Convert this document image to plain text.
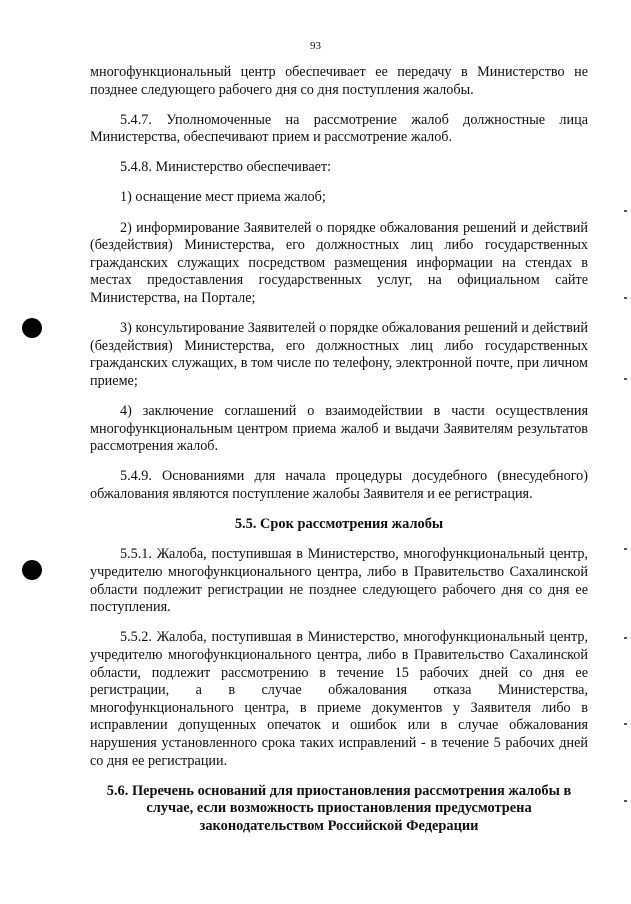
93

многофункциональный центр обеспечивает ее передачу в Министерство не позднее следующего рабочего дня со дня поступления жалобы.

5.4.7. Уполномоченные на рассмотрение жалоб должностные лица Министерства, обеспечивают прием и рассмотрение жалоб.

5.4.8. Министерство обеспечивает:

1) оснащение мест приема жалоб;

2) информирование Заявителей о порядке обжалования решений и действий (бездействия) Министерства, его должностных лиц либо государственных гражданских служащих посредством размещения информации на стендах в местах предоставления государственных услуг, на официальном сайте Министерства, на Портале;

3) консультирование Заявителей о порядке обжалования решений и действий (бездействия) Министерства, его должностных лиц либо государственных гражданских служащих, в том числе по телефону, электронной почте, при личном приеме;

4) заключение соглашений о взаимодействии в части осуществления многофункциональным центром приема жалоб и выдачи Заявителям результатов рассмотрения жалоб.

5.4.9. Основаниями для начала процедуры досудебного (внесудебного) обжалования являются поступление жалобы Заявителя и ее регистрация.

5.5. Срок рассмотрения жалобы

5.5.1. Жалоба, поступившая в Министерство, многофункциональный центр, учредителю многофункционального центра, либо в Правительство Сахалинской области подлежит регистрации не позднее следующего рабочего дня со дня ее поступления.

5.5.2. Жалоба, поступившая в Министерство, многофункциональный центр, учредителю многофункционального центра, либо в Правительство Сахалинской области, подлежит рассмотрению в течение 15 рабочих дней со дня ее регистрации, а в случае обжалования отказа Министерства, многофункционального центра, в приеме документов у Заявителя либо в исправлении допущенных опечаток и ошибок или в случае обжалования нарушения установленного срока таких исправлений - в течение 5 рабочих дней со дня ее регистрации.

5.6. Перечень оснований для приостановления рассмотрения жалобы в случае, если возможность приостановления предусмотрена законодательством Российской Федерации
